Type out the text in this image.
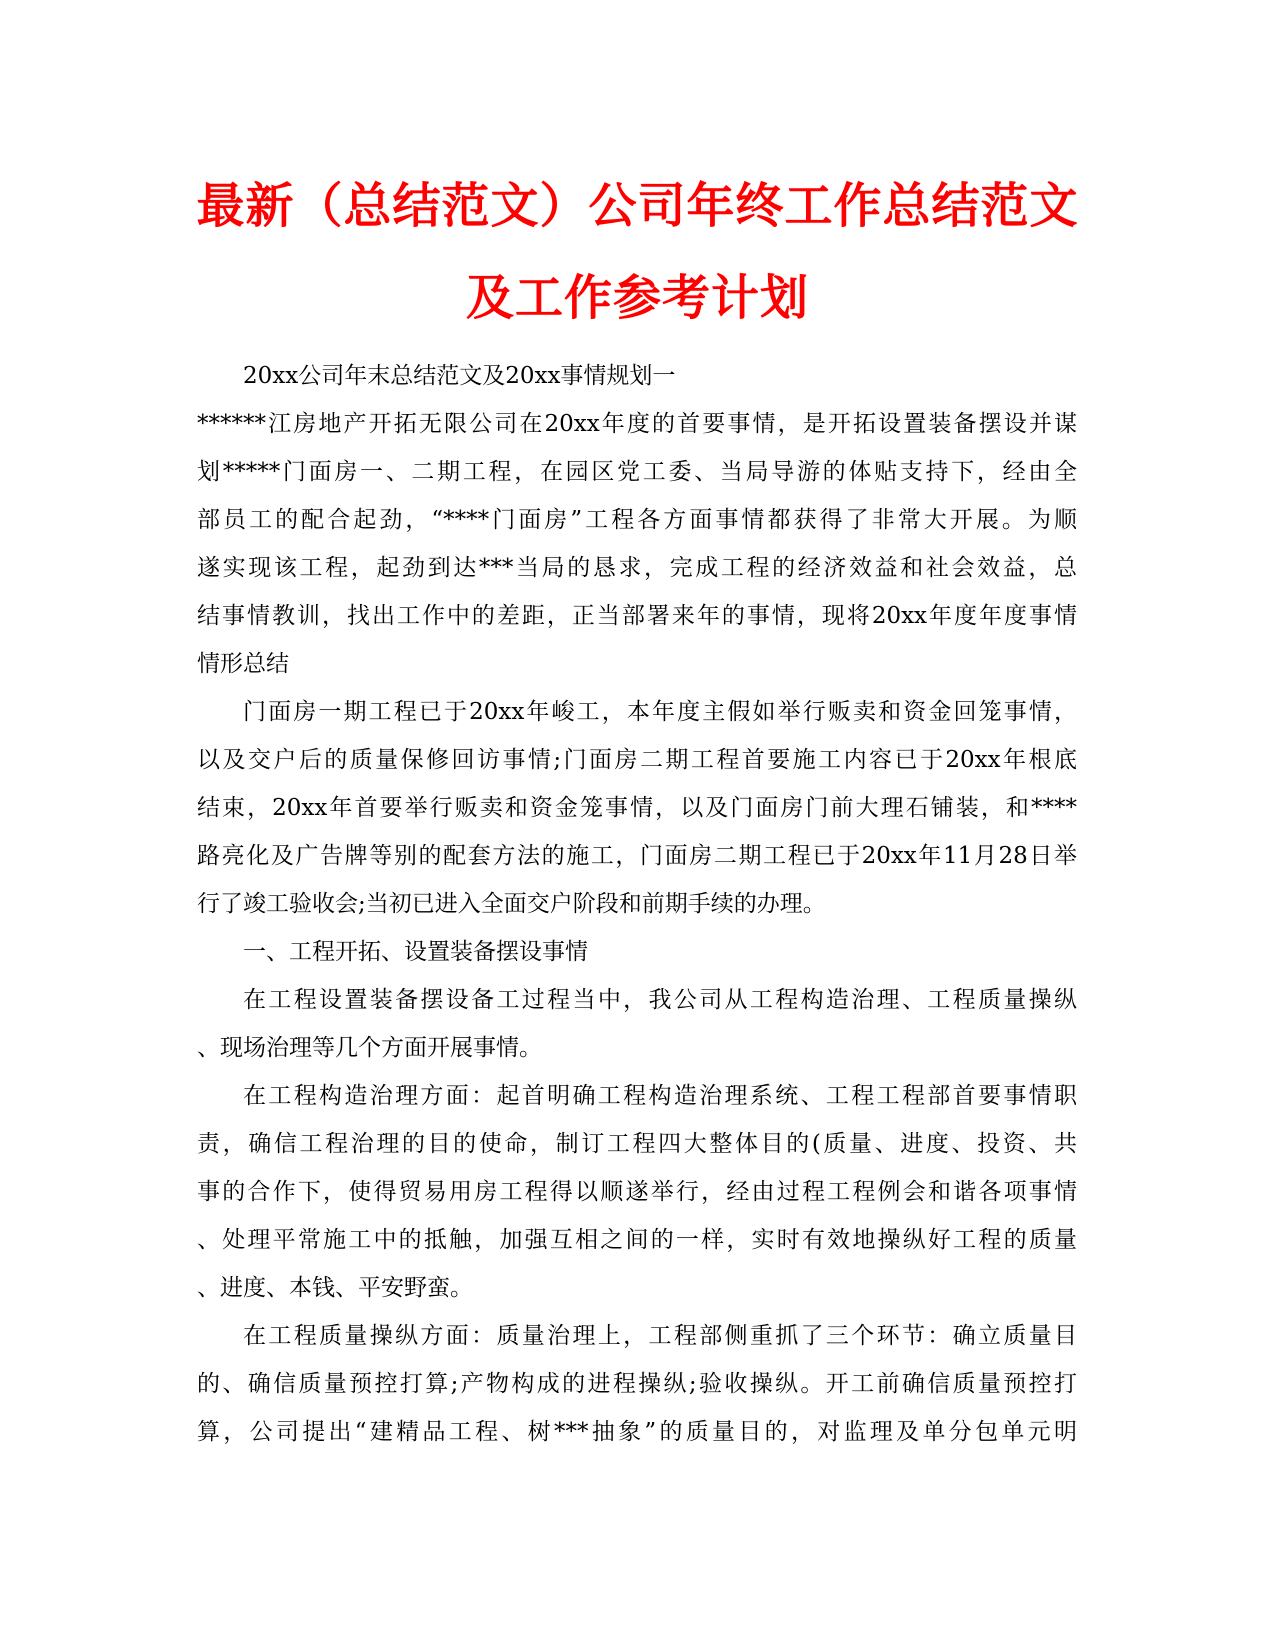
最新（总结范文）公司年终工作总结范文
及工作参考计划
20xx公司年末总结范文及20xx事情规划一
******江房地产开拓无限公司在20xx年度的首要事情，是开拓设置装备摆设并谋
划*****门面房一、二期工程，在园区党工委、当局导游的体贴支持下，经由全
部员工的配合起劲，“****门面房”工程各方面事情都获得了非常大开展。为顺
遂实现该工程，起劲到达***当局的恳求，完成工程的经济效益和社会效益，总
结事情教训，找出工作中的差距，正当部署来年的事情，现将20xx年度年度事情
情形总结
门面房一期工程已于20xx年峻工，本年度主假如举行贩卖和资金回笼事情，
以及交户后的质量保修回访事情;门面房二期工程首要施工内容已于20xx年根底
结束，20xx年首要举行贩卖和资金笼事情，以及门面房门前大理石铺装，和****
路亮化及广告牌等别的配套方法的施工，门面房二期工程已于20xx年11月28日举
行了竣工验收会;当初已进入全面交户阶段和前期手续的办理。
一、工程开拓、设置装备摆设事情
在工程设置装备摆设备工过程当中，我公司从工程构造治理、工程质量操纵
、现场治理等几个方面开展事情。
在工程构造治理方面：起首明确工程构造治理系统、工程工程部首要事情职
责，确信工程治理的目的使命，制订工程四大整体目的(质量、进度、投资、共
事的合作下，使得贸易用房工程得以顺遂举行，经由过程工程例会和谐各项事情
、处理平常施工中的抵触，加强互相之间的一样，实时有效地操纵好工程的质量
、进度、本钱、平安野蛮。
在工程质量操纵方面：质量治理上，工程部侧重抓了三个环节：确立质量目
的、确信质量预控打算;产物构成的进程操纵;验收操纵。开工前确信质量预控打
算，公司提出“建精品工程、树***抽象”的质量目的，对监理及单分包单元明
